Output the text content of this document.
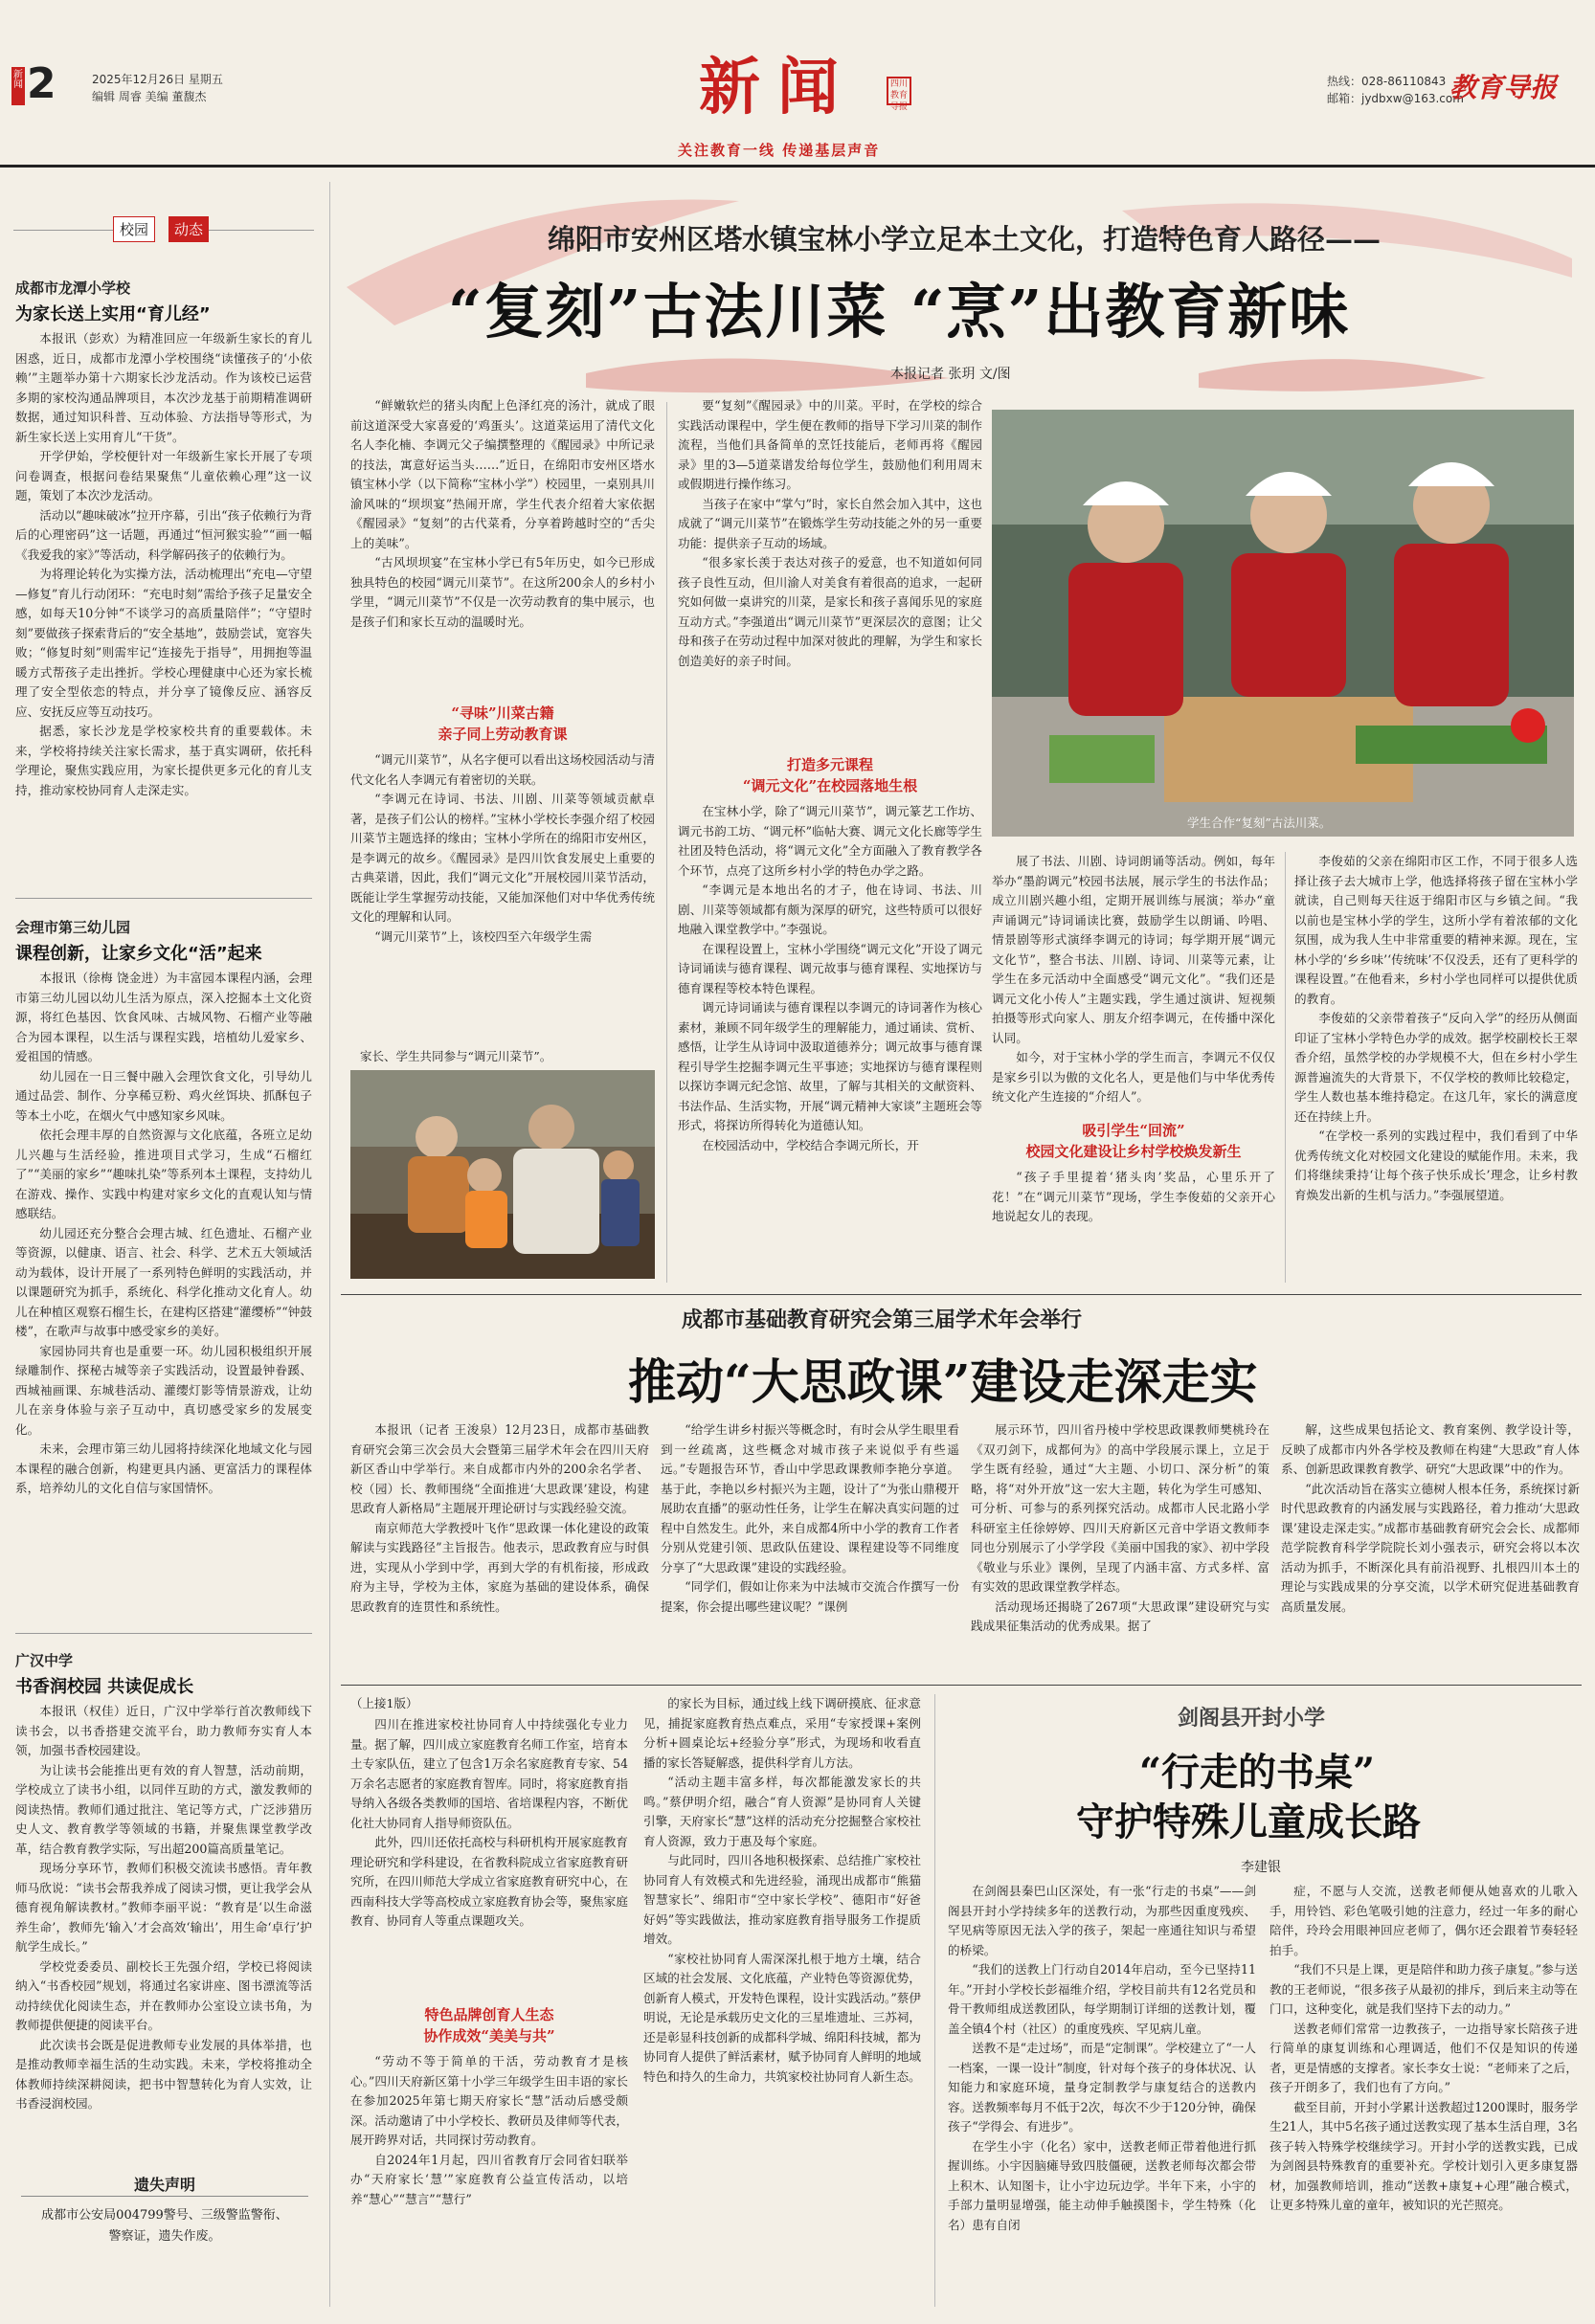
新闻 2	2025年12月26日 星期五
编辑 周睿 美编 董馥杰	新闻	四川教育导报
关注教育一线 传递基层声音
热线：028-86110843
邮箱：jydbxw@163.com
教育导报
校园	动态
成都市龙潭小学校
为家长送上实用“育儿经”

本报讯（彭欢）为精准回应一年级新生家长的育儿困惑，近日，成都市龙潭小学校围绕“读懂孩子的‘小依赖’”主题举办第十六期家长沙龙活动。作为该校已运营多期的家校沟通品牌项目，本次沙龙基于前期精准调研数据，通过知识科普、互动体验、方法指导等形式，为新生家长送上实用育儿“干货”。

开学伊始，学校便针对一年级新生家长开展了专项问卷调查，根据问卷结果聚焦“儿童依赖心理”这一议题，策划了本次沙龙活动。

活动以“趣味破冰”拉开序幕，引出“孩子依赖行为背后的心理密码”这一话题，再通过“恒河猴实验”“画一幅《我爱我的家》”等活动，科学解码孩子的依赖行为。

为将理论转化为实操方法，活动梳理出“充电—守望—修复”育儿行动闭环：“充电时刻”需给予孩子足量安全感，如每天10分钟“不谈学习的高质量陪伴”；“守望时刻”要做孩子探索背后的“安全基地”，鼓励尝试，宽容失败；“修复时刻”则需牢记“连接先于指导”，用拥抱等温暖方式帮孩子走出挫折。学校心理健康中心还为家长梳理了安全型依恋的特点，并分享了镜像反应、涵容反应、安抚反应等互动技巧。

据悉，家长沙龙是学校家校共育的重要载体。未来，学校将持续关注家长需求，基于真实调研，依托科学理论，聚焦实践应用，为家长提供更多元化的育儿支持，推动家校协同育人走深走实。

会理市第三幼儿园
课程创新，让家乡文化“活”起来

本报讯（徐梅 饶金进）为丰富园本课程内涵，会理市第三幼儿园以幼儿生活为原点，深入挖掘本土文化资源，将红色基因、饮食风味、古城风物、石榴产业等融合为园本课程，以生活与课程实践，培植幼儿爱家乡、爱祖国的情感。

幼儿园在一日三餐中融入会理饮食文化，引导幼儿通过品尝、制作、分享稀豆粉、鸡火丝饵块、抓酥包子等本土小吃，在烟火气中感知家乡风味。

依托会理丰厚的自然资源与文化底蕴，各班立足幼儿兴趣与生活经验，推进项目式学习，生成“石榴红了”“美丽的家乡”“趣味扎染”等系列本土课程，支持幼儿在游戏、操作、实践中构建对家乡文化的直观认知与情感联结。

幼儿园还充分整合会理古城、红色遗址、石榴产业等资源，以健康、语言、社会、科学、艺术五大领域活动为载体，设计开展了一系列特色鲜明的实践活动，并以课题研究为抓手，系统化、科学化推动文化育人。幼儿在种植区观察石榴生长，在建构区搭建“灌缨桥”“钟鼓楼”，在歌声与故事中感受家乡的美好。

家园协同共育也是重要一环。幼儿园积极组织开展绿雕制作、探秘古城等亲子实践活动，设置最钟眷蹊、西城袖画课、东城巷活动、灌缨灯影等情景游戏，让幼儿在亲身体验与亲子互动中，真切感受家乡的发展变化。

未来，会理市第三幼儿园将持续深化地域文化与园本课程的融合创新，构建更具内涵、更富活力的课程体系，培养幼儿的文化自信与家国情怀。

广汉中学
书香润校园 共读促成长

本报讯（权佳）近日，广汉中学举行首次教师线下读书会，以书香搭建交流平台，助力教师夯实育人本领，加强书香校园建设。

为让读书会能推出更有效的育人智慧，活动前期，学校成立了读书小组，以同伴互助的方式，激发教师的阅读热情。教师们通过批注、笔记等方式，广泛涉猎历史人文、教育教学等领域的书籍，并聚焦课堂教学改革，结合教育教学实际，写出超200篇高质量笔记。

现场分享环节，教师们积极交流读书感悟。青年教师马欣说：“读书会帮我养成了阅读习惯，更让我学会从德育视角解读教材。”教师李丽平说：“教育是‘以生命滋养生命’，教师先‘输入’才会高效‘输出’，用生命‘卓行’护航学生成长。”

学校党委委员、副校长王先强介绍，学校已将阅读纳入“书香校园”规划，将通过名家讲座、图书漂流等活动持续优化阅读生态，并在教师办公室设立读书角，为教师提供便捷的阅读平台。

此次读书会既是促进教师专业发展的具体举措，也是推动教师幸福生活的生动实践。未来，学校将推动全体教师持续深耕阅读，把书中智慧转化为育人实效，让书香浸润校园。

遗失声明
成都市公安局004799警号、三级警监警衔、警察证，遗失作废。
绵阳市安州区塔水镇宝林小学立足本土文化，打造特色育人路径——
“复刻”古法川菜 “烹”出教育新味
本报记者 张玥 文/图

“鲜嫩软烂的猪头肉配上色泽红亮的汤汁，就成了眼前这道深受大家喜爱的‘鸡蛋头’。这道菜运用了清代文化名人李化楠、李调元父子编撰整理的《醒园录》中所记录的技法，寓意好运当头……”近日，在绵阳市安州区塔水镇宝林小学（以下简称“宝林小学”）校园里，一桌别具川渝风味的“坝坝宴”热闹开席，学生代表介绍着大家依据《醒园录》“复刻”的古代菜肴，分享着跨越时空的“舌尖上的美味”。

“古风坝坝宴”在宝林小学已有5年历史，如今已形成独具特色的校园“调元川菜节”。在这所200余人的乡村小学里，“调元川菜节”不仅是一次劳动教育的集中展示，也是孩子们和家长互动的温暖时光。

“寻味”川菜古籍
亲子同上劳动教育课

“调元川菜节”，从名字便可以看出这场校园活动与清代文化名人李调元有着密切的关联。

“李调元在诗词、书法、川剧、川菜等领域贡献卓著，是孩子们公认的榜样。”宝林小学校长李强介绍了校园川菜节主题选择的缘由；宝林小学所在的绵阳市安州区，是李调元的故乡。《醒园录》是四川饮食发展史上重要的古典菜谱，因此，我们“调元文化”开展校园川菜节活动，既能让学生掌握劳动技能，又能加深他们对中华优秀传统文化的理解和认同。

“调元川菜节”上，该校四至六年级学生需

家长、学生共同参与“调元川菜节”。

要“复刻”《醒园录》中的川菜。平时，在学校的综合实践活动课程中，学生便在教师的指导下学习川菜的制作流程，当他们具备简单的烹饪技能后，老师再将《醒园录》里的3—5道菜谱发给每位学生，鼓励他们利用周末或假期进行操作练习。

当孩子在家中“掌勺”时，家长自然会加入其中，这也成就了“调元川菜节”在锻炼学生劳动技能之外的另一重要功能：提供亲子互动的场域。

“很多家长羡于表达对孩子的爱意，也不知道如何同孩子良性互动，但川渝人对美食有着很高的追求，一起研究如何做一桌讲究的川菜，是家长和孩子喜闻乐见的家庭互动方式。”李强道出“调元川菜节”更深层次的意图；让父母和孩子在劳动过程中加深对彼此的理解，为学生和家长创造美好的亲子时间。

打造多元课程
“调元文化”在校园落地生根

在宝林小学，除了“调元川菜节”，调元篆艺工作坊、调元书韵工坊、“调元杯”临帖大赛、调元文化长廊等学生社团及特色活动，将“调元文化”全方面融入了教育教学各个环节，点亮了这所乡村小学的特色办学之路。

“李调元是本地出名的才子，他在诗词、书法、川剧、川菜等领域都有颇为深厚的研究，这些特质可以很好地融入课堂教学中。”李强说。

在课程设置上，宝林小学围绕“调元文化”开设了调元诗词诵读与德育课程、调元故事与德育课程、实地探访与德育课程等校本特色课程。

调元诗词诵读与德育课程以李调元的诗词著作为核心素材，兼顾不同年级学生的理解能力，通过诵读、赏析、感悟，让学生从诗词中汲取道德养分；调元故事与德育课程引导学生挖掘李调元生平事迹；实地探访与德育课程则以探访李调元纪念馆、故里，了解与其相关的文献资料、书法作品、生活实物，开展“调元精神大家谈”主题班会等形式，将探访所得转化为道德认知。

在校园活动中，学校结合李调元所长，开

学生合作“复刻”古法川菜。

展了书法、川剧、诗词朗诵等活动。例如，每年举办“墨韵调元”校园书法展，展示学生的书法作品；成立川剧兴趣小组，定期开展训练与展演；举办“童声诵调元”诗词诵读比赛，鼓励学生以朗诵、吟唱、情景剧等形式演绎李调元的诗词；每学期开展“调元文化节”，整合书法、川剧、诗词、川菜等元素，让学生在多元活动中全面感受“调元文化”。“我们还是调元文化小传人”主题实践，学生通过演讲、短视频拍摄等形式向家人、朋友介绍李调元，在传播中深化认同。

如今，对于宝林小学的学生而言，李调元不仅仅是家乡引以为傲的文化名人，更是他们与中华优秀传统文化产生连接的“介绍人”。

吸引学生“回流”
校园文化建设让乡村学校焕发新生

“孩子手里提着‘猪头肉’奖品，心里乐开了花！”在“调元川菜节”现场，学生李俊茹的父亲开心地说起女儿的表现。

李俊茹的父亲在绵阳市区工作，不同于很多人选择让孩子去大城市上学，他选择将孩子留在宝林小学就读，自己则每天往返于绵阳市区与乡镇之间。“我以前也是宝林小学的学生，这所小学有着浓郁的文化氛围，成为我人生中非常重要的精神来源。现在，宝林小学的‘乡乡味’‘传统味’不仅没丢，还有了更科学的课程设置。”在他看来，乡村小学也同样可以提供优质的教育。

李俊茹的父亲带着孩子“反向入学”的经历从侧面印证了宝林小学特色办学的成效。据学校副校长王翠香介绍，虽然学校的办学规模不大，但在乡村小学生源普遍流失的大背景下，不仅学校的教师比较稳定，学生人数也基本维持稳定。在这几年，家长的满意度还在持续上升。

“在学校一系列的实践过程中，我们看到了中华优秀传统文化对校园文化建设的赋能作用。未来，我们将继续秉持‘让每个孩子快乐成长’理念，让乡村教育焕发出新的生机与活力。”李强展望道。

成都市基础教育研究会第三届学术年会举行
推动“大思政课”建设走深走实

本报讯（记者 王浚泉）12月23日，成都市基础教育研究会第三次会员大会暨第三届学术年会在四川天府新区香山中学举行。来自成都市内外的200余名学者、校（园）长、教师围绕“全面推进‘大思政课’建设，构建思政育人新格局”主题展开理论研讨与实践经验交流。

南京师范大学教授叶飞作“思政课一体化建设的政策解读与实践路径”主旨报告。他表示，思政教育应与时俱进，实现从小学到中学，再到大学的有机衔接，形成政府为主导，学校为主体，家庭为基础的建设体系，确保思政教育的连贯性和系统性。

“给学生讲乡村振兴等概念时，有时会从学生眼里看到一丝疏离，这些概念对城市孩子来说似乎有些遥远。”专题报告环节，香山中学思政课教师李艳分享道。基于此，李艳以乡村振兴为主题，设计了“为张山鼎稷开展助农直播”的驱动性任务，让学生在解决真实问题的过程中自然发生。此外，来自成都4所中小学的教育工作者分别从党建引领、思政队伍建设、课程建设等不同维度分享了“大思政课”建设的实践经验。

“同学们，假如让你来为中法城市交流合作撰写一份提案，你会提出哪些建议呢？”课例

展示环节，四川省丹棱中学校思政课教师樊桃玲在《双刃剑下，成都何为》的高中学段展示课上，立足于学生既有经验，通过“大主题、小切口、深分析”的策略，将“对外开放”这一宏大主题，转化为学生可感知、可分析、可参与的系列探究活动。成都市人民北路小学科研室主任徐婷婷、四川天府新区元音中学语文教师李同也分别展示了小学学段《美丽中国我的家》、初中学段《敬业与乐业》课例，呈现了内涵丰富、方式多样、富有实效的思政课堂教学样态。

活动现场还揭晓了267项“大思政课”建设研究与实践成果征集活动的优秀成果。据了

解，这些成果包括论文、教育案例、教学设计等，反映了成都市内外各学校及教师在构建“大思政”育人体系、创新思政课教育教学、研究“大思政课”中的作为。

“此次活动旨在落实立德树人根本任务，系统探讨新时代思政教育的内涵发展与实践路径，着力推动‘大思政课’建设走深走实。”成都市基础教育研究会会长、成都师范学院教育科学学院院长刘小强表示，研究会将以本次活动为抓手，不断深化具有前沿视野、扎根四川本土的理论与实践成果的分享交流，以学术研究促进基础教育高质量发展。

（上接1版）

四川在推进家校社协同育人中持续强化专业力量。据了解，四川成立家庭教育名师工作室，培育本土专家队伍，建立了包含1万余名家庭教育专家、54万余名志愿者的家庭教育智库。同时，将家庭教育指导纳入各级各类教师的国培、省培课程内容，不断优化社大协同育人指导师资队伍。

此外，四川还依托高校与科研机构开展家庭教育理论研究和学科建设，在省教科院成立省家庭教育研究所，在四川师范大学成立省家庭教育研究中心，在西南科技大学等高校成立家庭教育协会等，聚焦家庭教育、协同育人等重点课题攻关。

特色品牌创育人生态
协作成效“美美与共”

“劳动不等于简单的干活，劳动教育才是核心。”四川天府新区第十小学三年级学生田丰语的家长在参加2025年第七期天府家长“慧”活动后感受颇深。活动邀请了中小学校长、教研员及律师等代表，展开跨界对话，共同探讨劳动教育。

自2024年1月起，四川省教育厅会同省妇联举办“天府家长‘慧’”家庭教育公益宣传活动，以培养“慧心”“慧言”“慧行”

的家长为目标，通过线上线下调研摸底、征求意见，捕捉家庭教育热点难点，采用“专家授课+案例分析+圆桌论坛+经验分享”形式，为现场和收看直播的家长答疑解惑，提供科学育儿方法。

“活动主题丰富多样，每次都能激发家长的共鸣。”蔡伊明介绍，融合“育人资源”是协同育人关键引擎，天府家长“慧”这样的活动充分挖掘整合家校社育人资源，致力于惠及每个家庭。

与此同时，四川各地积极探索、总结推广家校社协同育人有效模式和先进经验，涌现出成都市“熊猫智慧家长”、绵阳市“空中家长学校”、德阳市“好爸好妈”等实践做法，推动家庭教育指导服务工作提质增效。

“家校社协同育人需深深扎根于地方土壤，结合区域的社会发展、文化底蕴，产业特色等资源优势，创新育人模式，开发特色课程，设计实践活动。”蔡伊明说，无论是承载历史文化的三星堆遗址、三苏祠，还是彰显科技创新的成都科学城、绵阳科技城，都为协同育人提供了鲜活素材，赋予协同育人鲜明的地域特色和持久的生命力，共筑家校社协同育人新生态。

剑阁县开封小学
“行走的书桌”
守护特殊儿童成长路
李建银

在剑阁县秦巴山区深处，有一张“行走的书桌”——剑阁县开封小学持续多年的送教行动，为那些因重度残疾、罕见病等原因无法入学的孩子，架起一座通往知识与希望的桥梁。

“我们的送教上门行动自2014年启动，至今已坚持11年。”开封小学校长彭福维介绍，学校目前共有12名党员和骨干教师组成送教团队，每学期制订详细的送教计划，覆盖全镇4个村（社区）的重度残疾、罕见病儿童。

送教不是“走过场”，而是“定制课”。学校建立了“一人一档案，一课一设计”制度，针对每个孩子的身体状况、认知能力和家庭环境，量身定制教学与康复结合的送教内容。送教频率每月不低于2次，每次不少于120分钟，确保孩子“学得会、有进步”。

在学生小宇（化名）家中，送教老师正带着他进行抓握训练。小宇因脑瘫导致四肢僵硬，送教老师每次都会带上积木、认知图卡，让小宇边玩边学。半年下来，小宇的手部力量明显增强，能主动伸手触摸图卡，学生特殊（化名）患有自闭

症，不愿与人交流，送教老师便从她喜欢的儿歌入手，用铃铛、彩色笔吸引她的注意力，经过一年多的耐心陪伴，玲玲会用眼神回应老师了，偶尔还会跟着节奏轻轻拍手。

“我们不只是上课，更是陪伴和助力孩子康复。”参与送教的王老师说，“很多孩子从最初的排斥，到后来主动等在门口，这种变化，就是我们坚持下去的动力。”

送教老师们常常一边教孩子，一边指导家长陪孩子进行简单的康复训练和心理调适，他们不仅是知识的传递者，更是情感的支撑者。家长李女士说：“老师来了之后，孩子开朗多了，我们也有了方向。”

截至目前，开封小学累计送教超过1200课时，服务学生21人，其中5名孩子通过送教实现了基本生活自理，3名孩子转入特殊学校继续学习。开封小学的送教实践，已成为剑阁县特殊教育的重要补充。学校计划引入更多康复器材，加强教师培训，推动“送教+康复+心理”融合模式，让更多特殊儿童的童年，被知识的光芒照亮。
